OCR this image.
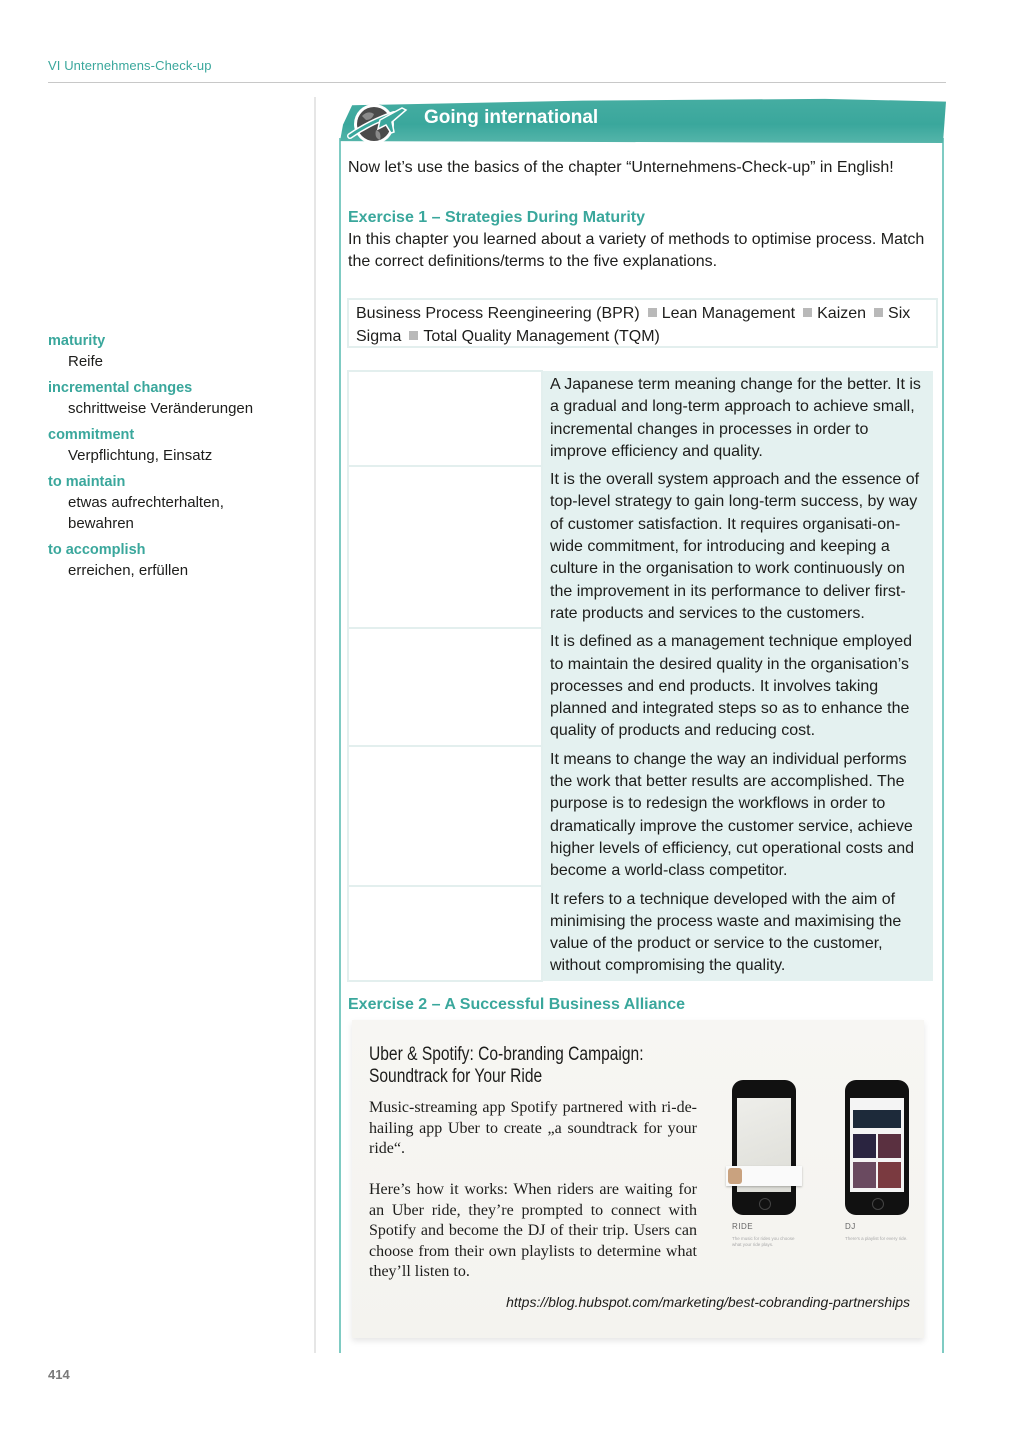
VI Unternehmens-Check-up
maturity
Reife
incremental changes
schrittweise Veränderungen
commitment
Verpflichtung, Einsatz
to maintain
etwas aufrechterhalten, bewahren
to accomplish
erreichen, erfüllen
Going international
Now let’s use the basics of the chapter “Unternehmens-Check-up” in English!
Exercise 1 – Strategies During Maturity
In this chapter you learned about a variety of methods to optimise process. Match the correct definitions/terms to the five explanations.
Business Process Reengineering (BPR) Lean Management Kaizen Six Sigma Total Quality Management (TQM)
	A Japanese term meaning change for the better. It is a gradual and long-term approach to achieve small, incremental changes in processes in order to improve efficiency and quality.
	It is the overall system approach and the essence of top-level strategy to gain long-term success, by way of customer satisfaction. It requires organisati-on-wide commitment, for introducing and keeping a culture in the organisation to work continuously on the improvement in its performance to deliver first-rate products and services to the customers.
	It is defined as a management technique employed to maintain the desired quality in the organisation’s processes and end products. It involves taking planned and integrated steps so as to enhance the quality of products and reducing cost.
	It means to change the way an individual performs the work that better results are accomplished. The purpose is to redesign the workflows in order to dramatically improve the customer service, achieve higher levels of efficiency, cut operational costs and become a world-class competitor.
	It refers to a technique developed with the aim of minimising the process waste and maximising the value of the product or service to the customer, without compromising the quality.
Exercise 2 – A Successful Business Alliance
Uber & Spotify: Co-branding Campaign: Soundtrack for Your Ride
Music-streaming app Spotify partnered with ri-de-hailing app Uber to create „a soundtrack for your ride“.
Here’s how it works: When riders are waiting for an Uber ride, they’re prompted to connect with Spotify and become the DJ of their trip. Users can choose from their own playlists to determine what they’ll listen to.
RIDE
The music for rides you choose what your ride plays.
DJ
There’s a playlist for every ride.
https://blog.hubspot.com/marketing/best-cobranding-partnerships
414
